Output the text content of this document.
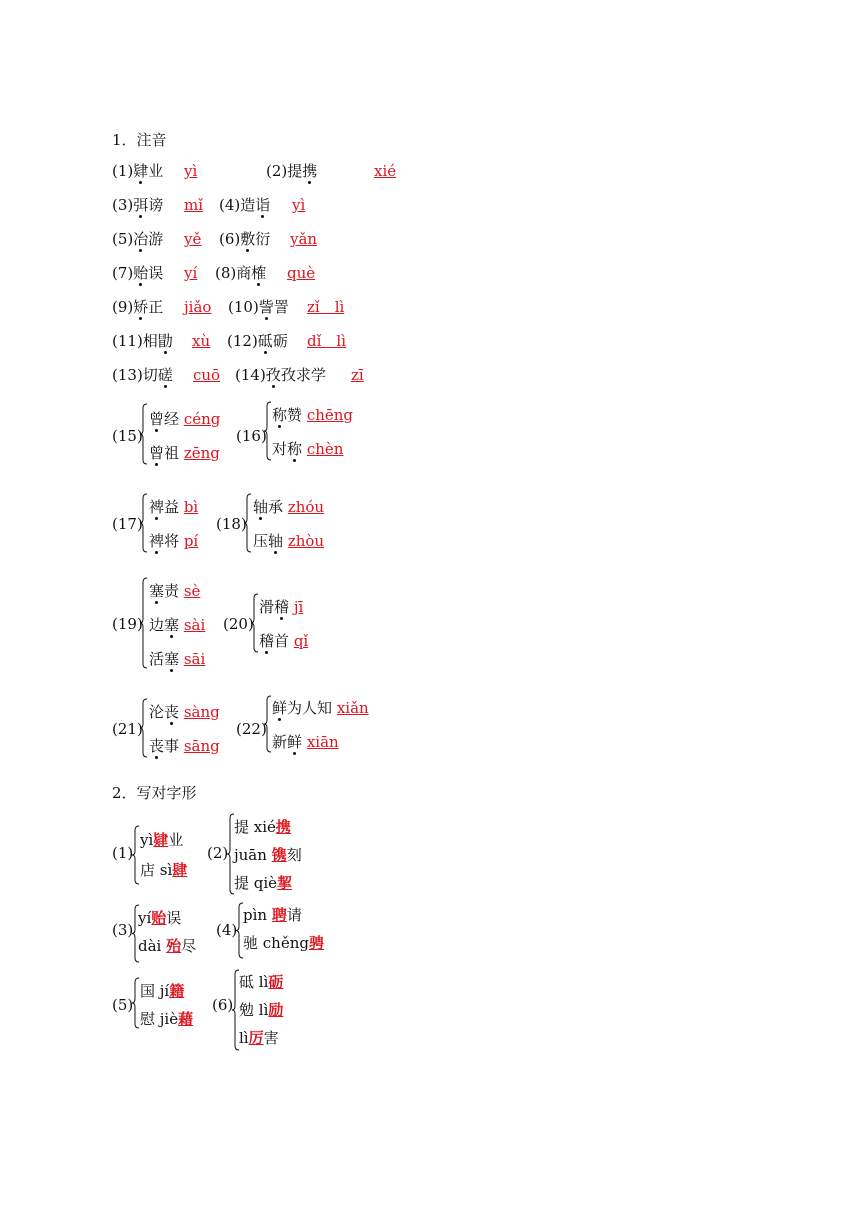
1．注音
(1)肄业 yì	(2)提携	xié
(3)弭谤 mǐ (4)造诣 yì
(5)冶游 yě (6)敷衍 yǎn
(7)贻误 yí (8)商榷 què
(9)矫正 jiǎo (10)訾詈 zǐ　lì
(11)相勖 xù (12)砥砺 dǐ　lì
(13)切磋 cuō (14)孜孜求学 zī
(15)
曾经 céng
曾祖 zēng
(16)
称赞 chēng
对称 chèn
(17)
裨益 bì
裨将 pí
(18)
轴承 zhóu
压轴 zhòu
(19)
塞责 sè
边塞 sài
活塞 sāi
(20)
滑稽 jī
稽首 qǐ
(21)
沦丧 sàng
丧事 sāng
(22)
鲜为人知 xiǎn
新鲜 xiān
2．写对字形
(1)
yì肄业
店 sì肆
(2)
提 xié携
juān 镌刻
提 qiè挈
(3)
yí贻误
dài 殆尽
(4)
pìn 聘请
驰 chěng骋
(5)
国 jí籍
慰 jiè藉
(6)
砥 lì砺
勉 lì励
lì厉害
